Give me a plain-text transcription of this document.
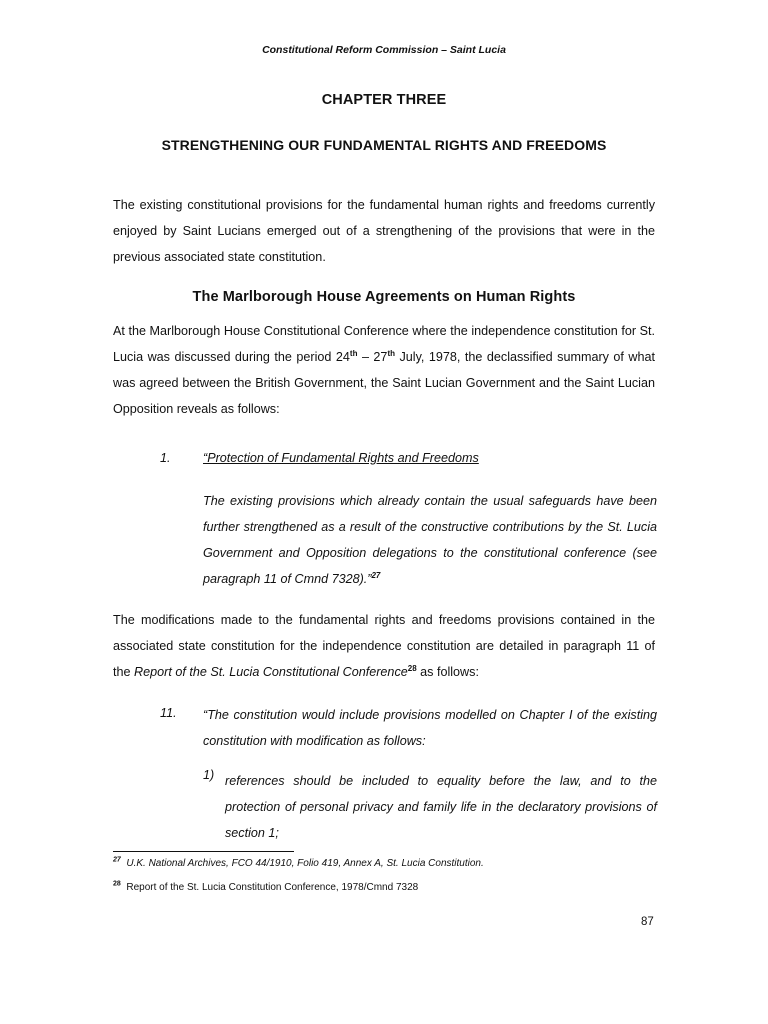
Constitutional Reform Commission – Saint Lucia
CHAPTER THREE
STRENGTHENING OUR FUNDAMENTAL RIGHTS AND FREEDOMS

The existing constitutional provisions for the fundamental human rights and freedoms currently enjoyed by Saint Lucians emerged out of a strengthening of the provisions that were in the previous associated state constitution.

The Marlborough House Agreements on Human Rights

At the Marlborough House Constitutional Conference where the independence constitution for St. Lucia was discussed during the period 24th – 27th July, 1978, the declassified summary of what was agreed between the British Government, the Saint Lucian Government and the Saint Lucian Opposition reveals as follows:

1.	“Protection of Fundamental Rights and Freedoms

The existing provisions which already contain the usual safeguards have been further strengthened as a result of the constructive contributions by the St. Lucia Government and Opposition delegations to the constitutional conference (see paragraph 11 of Cmnd 7328).”$^{27}$

The modifications made to the fundamental rights and freedoms provisions contained in the associated state constitution for the independence constitution are detailed in paragraph 11 of the Report of the St. Lucia Constitutional Conference$^{28}$ as follows:

11. “The constitution would include provisions modelled on Chapter I of the existing constitution with modification as follows:

1) references should be included to equality before the law, and to the protection of personal privacy and family life in the declaratory provisions of section 1;

$^{27}$ U.K. National Archives, FCO 44/1910, Folio 419, Annex A, St. Lucia Constitution.
$^{28}$ Report of the St. Lucia Constitution Conference, 1978/Cmnd 7328
87
